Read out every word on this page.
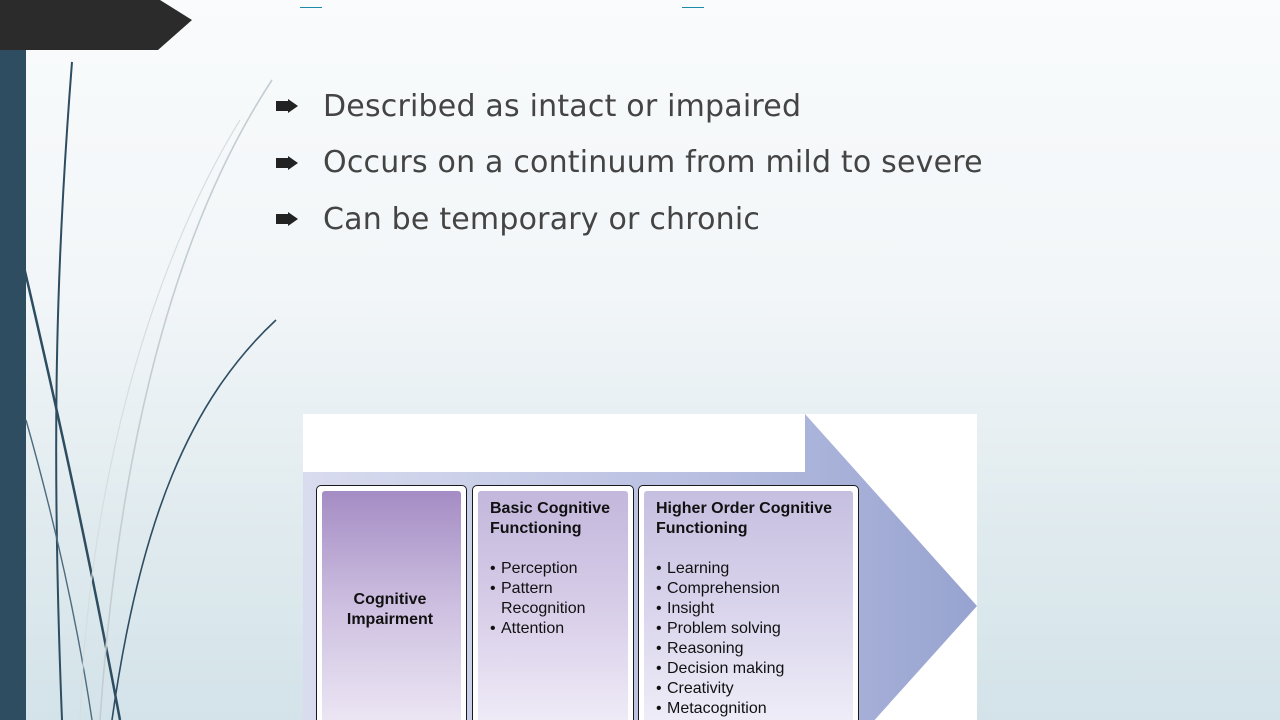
Described as intact or impaired
Occurs on a continuum from mild to severe
Can be temporary or chronic
Cognitive Impairment
Basic Cognitive Functioning
• Perception
• Pattern Recognition
• Attention
Higher Order Cognitive Functioning
• Learning
• Comprehension
• Insight
• Problem solving
• Reasoning
• Decision making
• Creativity
• Metacognition
